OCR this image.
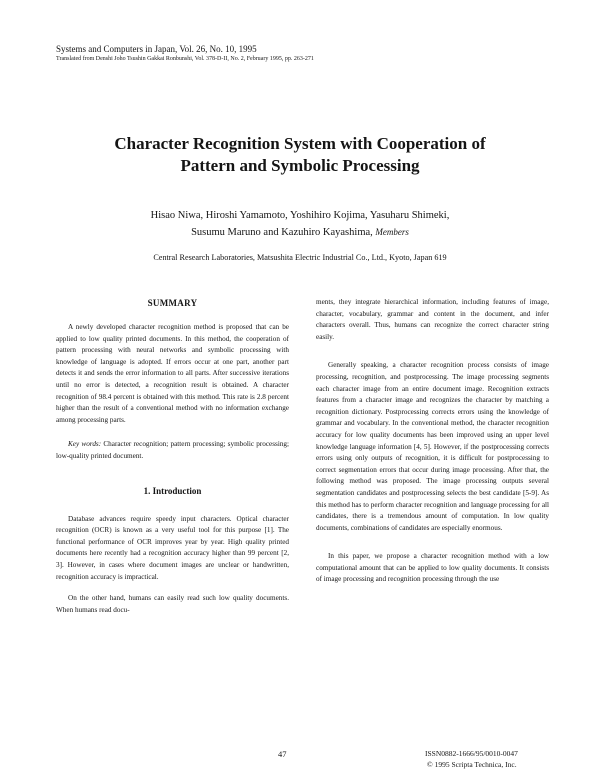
Systems and Computers in Japan, Vol. 26, No. 10, 1995
Translated from Denshi Joho Tsushin Gakkai Ronbunshi, Vol. 378-D-II, No. 2, February 1995, pp. 263-271
Character Recognition System with Cooperation of
Pattern and Symbolic Processing
Hisao Niwa, Hiroshi Yamamoto, Yoshihiro Kojima, Yasuharu Shimeki,
Susumu Maruno and Kazuhiro Kayashima, Members
Central Research Laboratories, Matsushita Electric Industrial Co., Ltd., Kyoto, Japan 619
SUMMARY

A newly developed character recognition method is proposed that can be applied to low quality printed documents. In this method, the cooperation of pattern processing with neural networks and symbolic processing with knowledge of language is adopted. If errors occur at one part, another part detects it and sends the error information to all parts. After successive iterations until no error is detected, a recognition result is obtained. A character recognition of 98.4 percent is obtained with this method. This rate is 2.8 percent higher than the result of a conventional method with no information exchange among processing parts.

Key words: Character recognition; pattern processing; symbolic processing; low-quality printed document.

1. Introduction

Database advances require speedy input characters. Optical character recognition (OCR) is known as a very useful tool for this purpose [1]. The functional performance of OCR improves year by year. High quality printed documents here recently had a recognition accuracy higher than 99 percent [2, 3]. However, in cases where document images are unclear or handwritten, recognition accuracy is impractical.

On the other hand, humans can easily read such low quality documents. When humans read docu-

ments, they integrate hierarchical information, including features of image, character, vocabulary, grammar and content in the document, and infer characters overall. Thus, humans can recognize the correct character string easily.

Generally speaking, a character recognition process consists of image processing, recognition, and postprocessing. The image processing segments each character image from an entire document image. Recognition extracts features from a character image and recognizes the character by matching a recognition dictionary. Postprocessing corrects errors using the knowledge of grammar and vocabulary. In the conventional method, the character recognition accuracy for low quality documents has been improved using an upper level knowledge language information [4, 5]. However, if the postprocessing corrects errors using only outputs of recognition, it is difficult for postprocessing to correct segmentation errors that occur during image processing. After that, the following method was proposed. The image processing outputs several segmentation candidates and postprocessing selects the best candidate [5-9]. As this method has to perform character recognition and language processing for all candidates, there is a tremendous amount of computation. In low quality documents, combinations of candidates are especially enormous.

In this paper, we propose a character recognition method with a low computational amount that can be applied to low quality documents. It consists of image processing and recognition processing through the use

47	ISSN0882-1666/95/0010-0047
© 1995 Scripta Technica, Inc.
